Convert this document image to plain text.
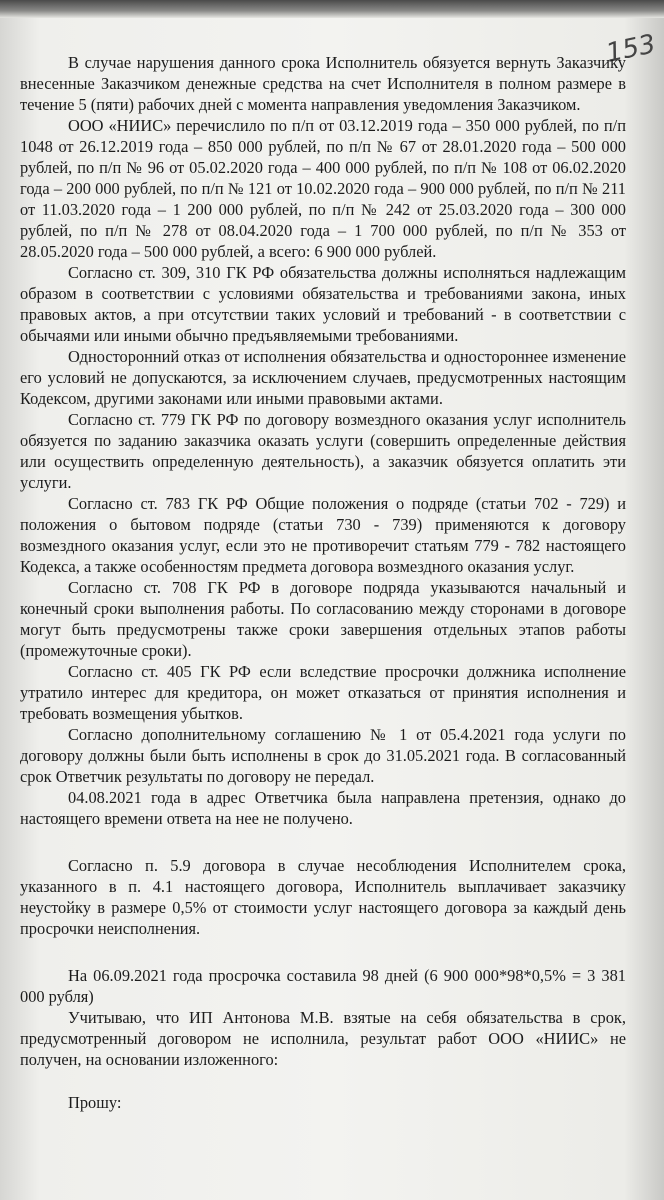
153

В случае нарушения данного срока Исполнитель обязуется вернуть Заказчику внесенные Заказчиком денежные средства на счет Исполнителя в полном размере в течение 5 (пяти) рабочих дней с момента направления уведомления Заказчиком.

ООО «НИИС» перечислило по п/п от 03.12.2019 года – 350 000 рублей, по п/п 1048 от 26.12.2019 года – 850 000 рублей, по п/п № 67 от 28.01.2020 года – 500 000 рублей, по п/п № 96 от 05.02.2020 года – 400 000 рублей, по п/п № 108 от 06.02.2020 года – 200 000 рублей, по п/п № 121 от 10.02.2020 года – 900 000 рублей, по п/п № 211 от 11.03.2020 года – 1 200 000 рублей, по п/п № 242 от 25.03.2020 года – 300 000 рублей, по п/п № 278 от 08.04.2020 года – 1 700 000 рублей, по п/п № 353 от 28.05.2020 года – 500 000 рублей, а всего: 6 900 000 рублей.

Согласно ст. 309, 310 ГК РФ обязательства должны исполняться надлежащим образом в соответствии с условиями обязательства и требованиями закона, иных правовых актов, а при отсутствии таких условий и требований - в соответствии с обычаями или иными обычно предъявляемыми требованиями.

Односторонний отказ от исполнения обязательства и одностороннее изменение его условий не допускаются, за исключением случаев, предусмотренных настоящим Кодексом, другими законами или иными правовыми актами.

Согласно ст. 779 ГК РФ по договору возмездного оказания услуг исполнитель обязуется по заданию заказчика оказать услуги (совершить определенные действия или осуществить определенную деятельность), а заказчик обязуется оплатить эти услуги.

Согласно ст. 783 ГК РФ Общие положения о подряде (статьи 702 - 729) и положения о бытовом подряде (статьи 730 - 739) применяются к договору возмездного оказания услуг, если это не противоречит статьям 779 - 782 настоящего Кодекса, а также особенностям предмета договора возмездного оказания услуг.

Согласно ст. 708 ГК РФ в договоре подряда указываются начальный и конечный сроки выполнения работы. По согласованию между сторонами в договоре могут быть предусмотрены также сроки завершения отдельных этапов работы (промежуточные сроки).

Согласно ст. 405 ГК РФ если вследствие просрочки должника исполнение утратило интерес для кредитора, он может отказаться от принятия исполнения и требовать возмещения убытков.

Согласно дополнительному соглашению № 1 от 05.4.2021 года услуги по договору должны были быть исполнены в срок до 31.05.2021 года. В согласованный срок Ответчик результаты по договору не передал.

04.08.2021 года в адрес Ответчика была направлена претензия, однако до настоящего времени ответа на нее не получено.

Согласно п. 5.9 договора в случае несоблюдения Исполнителем срока, указанного в п. 4.1 настоящего договора, Исполнитель выплачивает заказчику неустойку в размере 0,5% от стоимости услуг настоящего договора за каждый день просрочки неисполнения.

На 06.09.2021 года просрочка составила 98 дней (6 900 000*98*0,5% = 3 381 000 рубля)

Учитываю, что ИП Антонова М.В. взятые на себя обязательства в срок, предусмотренный договором не исполнила, результат работ ООО «НИИС» не получен, на основании изложенного:

Прошу:
